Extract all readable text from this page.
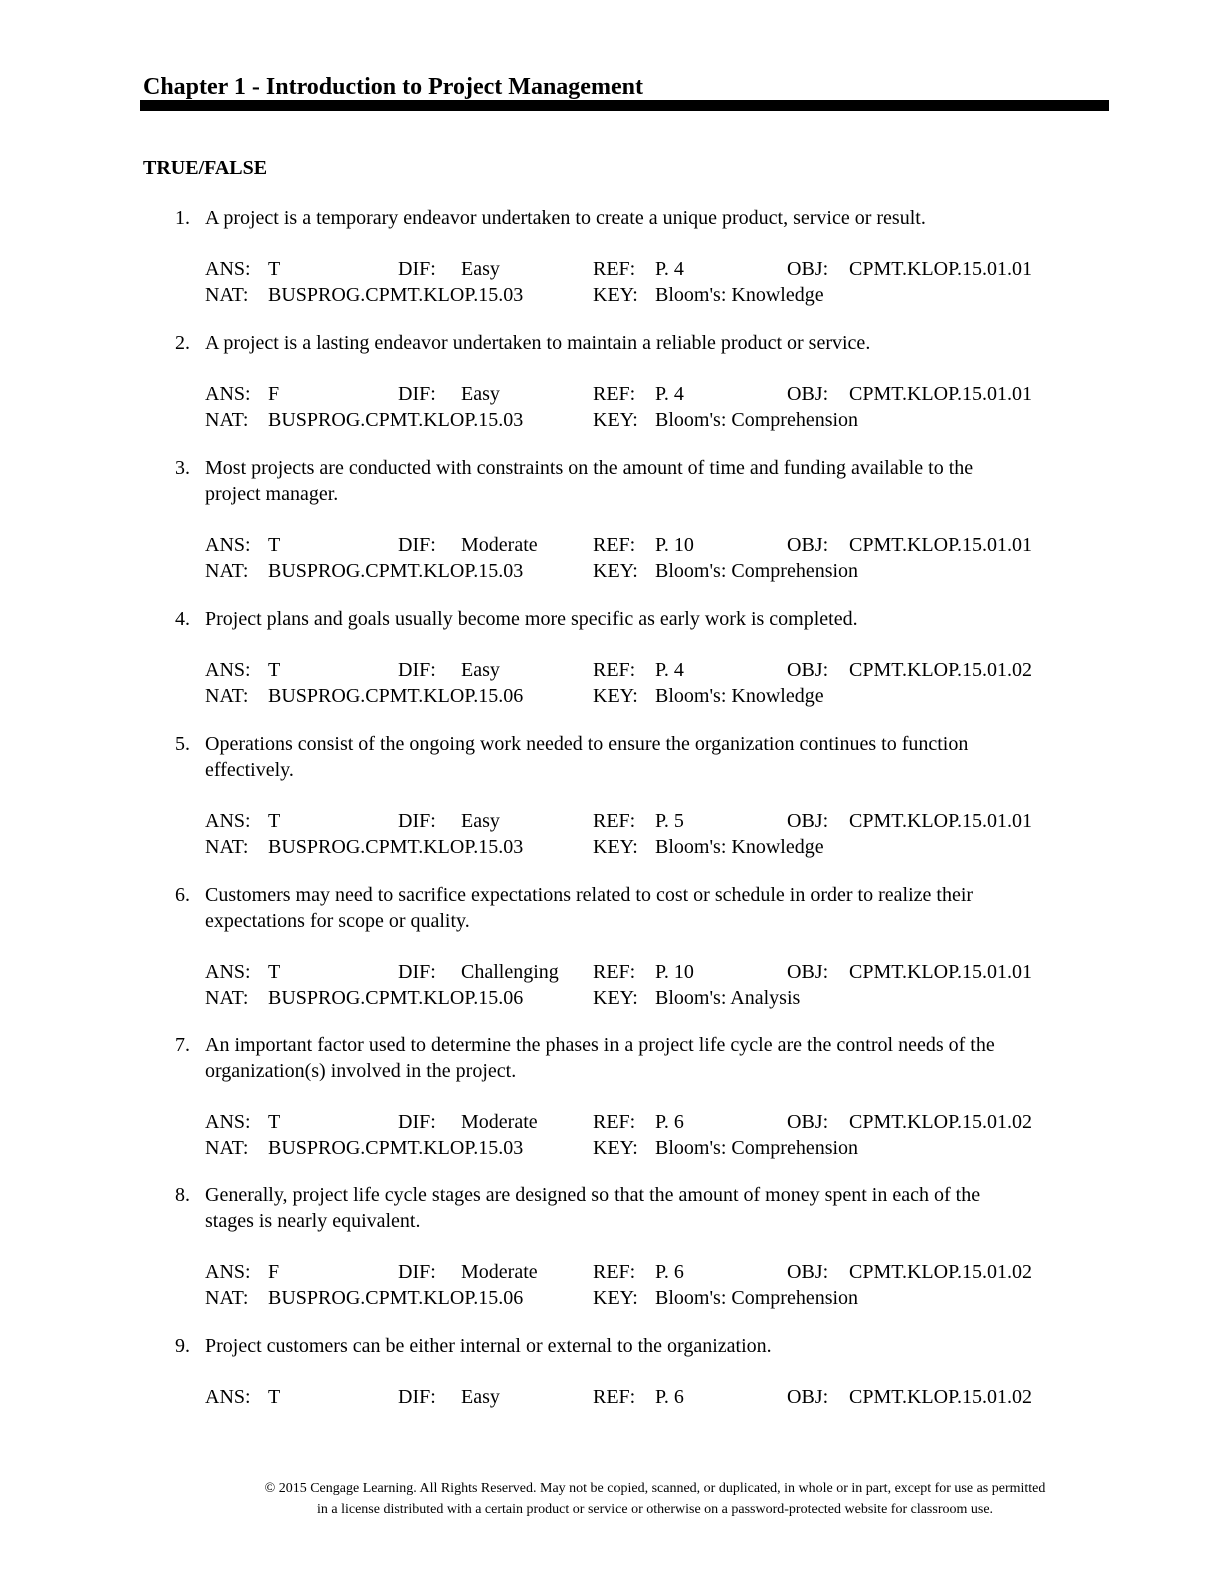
Chapter 1 - Introduction to Project Management
TRUE/FALSE
1. A project is a temporary endeavor undertaken to create a unique product, service or result.
ANS: T	DIF: Easy	REF: P. 4	OBJ: CPMT.KLOP.15.01.01
NAT: BUSPROG.CPMT.KLOP.15.03	KEY: Bloom's: Knowledge
2. A project is a lasting endeavor undertaken to maintain a reliable product or service.
ANS: F	DIF: Easy	REF: P. 4	OBJ: CPMT.KLOP.15.01.01
NAT: BUSPROG.CPMT.KLOP.15.03	KEY: Bloom's: Comprehension
3. Most projects are conducted with constraints on the amount of time and funding available to the
project manager.
ANS: T	DIF: Moderate	REF: P. 10	OBJ: CPMT.KLOP.15.01.01
NAT: BUSPROG.CPMT.KLOP.15.03	KEY: Bloom's: Comprehension
4. Project plans and goals usually become more specific as early work is completed.
ANS: T	DIF: Easy	REF: P. 4	OBJ: CPMT.KLOP.15.01.02
NAT: BUSPROG.CPMT.KLOP.15.06	KEY: Bloom's: Knowledge
5. Operations consist of the ongoing work needed to ensure the organization continues to function
effectively.
ANS: T	DIF: Easy	REF: P. 5	OBJ: CPMT.KLOP.15.01.01
NAT: BUSPROG.CPMT.KLOP.15.03	KEY: Bloom's: Knowledge
6. Customers may need to sacrifice expectations related to cost or schedule in order to realize their
expectations for scope or quality.
ANS: T	DIF: Challenging REF: P. 10	OBJ: CPMT.KLOP.15.01.01
NAT: BUSPROG.CPMT.KLOP.15.06	KEY: Bloom's: Analysis
7. An important factor used to determine the phases in a project life cycle are the control needs of the
organization(s) involved in the project.
ANS: T	DIF: Moderate	REF: P. 6	OBJ: CPMT.KLOP.15.01.02
NAT: BUSPROG.CPMT.KLOP.15.03	KEY: Bloom's: Comprehension
8. Generally, project life cycle stages are designed so that the amount of money spent in each of the
stages is nearly equivalent.
ANS: F	DIF: Moderate	REF: P. 6	OBJ: CPMT.KLOP.15.01.02
NAT: BUSPROG.CPMT.KLOP.15.06	KEY: Bloom's: Comprehension
9. Project customers can be either internal or external to the organization.
ANS: T	DIF: Easy	REF: P. 6	OBJ: CPMT.KLOP.15.01.02
© 2015 Cengage Learning. All Rights Reserved. May not be copied, scanned, or duplicated, in whole or in part, except for use as permitted
in a license distributed with a certain product or service or otherwise on a password-protected website for classroom use.
